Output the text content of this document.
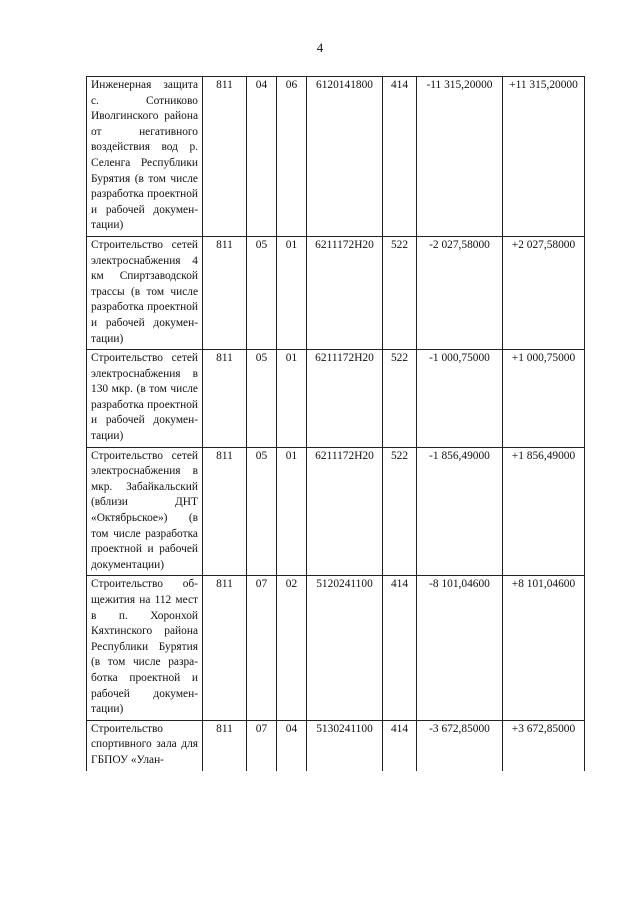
4
Инженерная защита с. Сотниково Иволгинского района от негативного воздействия вод р. Селенга Республики Бурятия (в том числе разработка проектной и рабочей документации)	811	04	06	6120141800	414	-11 315,20000	+11 315,20000
Строительство сетей электроснабжения 4 км Спиртзаводской трассы (в том числе разработка проектной и рабочей документации)	811	05	01	6211172Н20	522	-2 027,58000	+2 027,58000
Строительство сетей электроснабжения в 130 мкр. (в том числе разработка проектной и рабочей документации)	811	05	01	6211172Н20	522	-1 000,75000	+1 000,75000
Строительство сетей электроснабжения в мкр. Забайкальский (вблизи ДНТ «Октябрьское») (в том числе разработка проектной и рабочей документации)	811	05	01	6211172Н20	522	-1 856,49000	+1 856,49000
Строительство общежития на 112 мест в п. Хоронхой Кяхтинского района Республики Бурятия (в том числе разработка проектной и рабочей документации)	811	07	02	5120241100	414	-8 101,04600	+8 101,04600
Строительство спортивного зала для ГБПОУ «Улан-	811	07	04	5130241100	414	-3 672,85000	+3 672,85000
